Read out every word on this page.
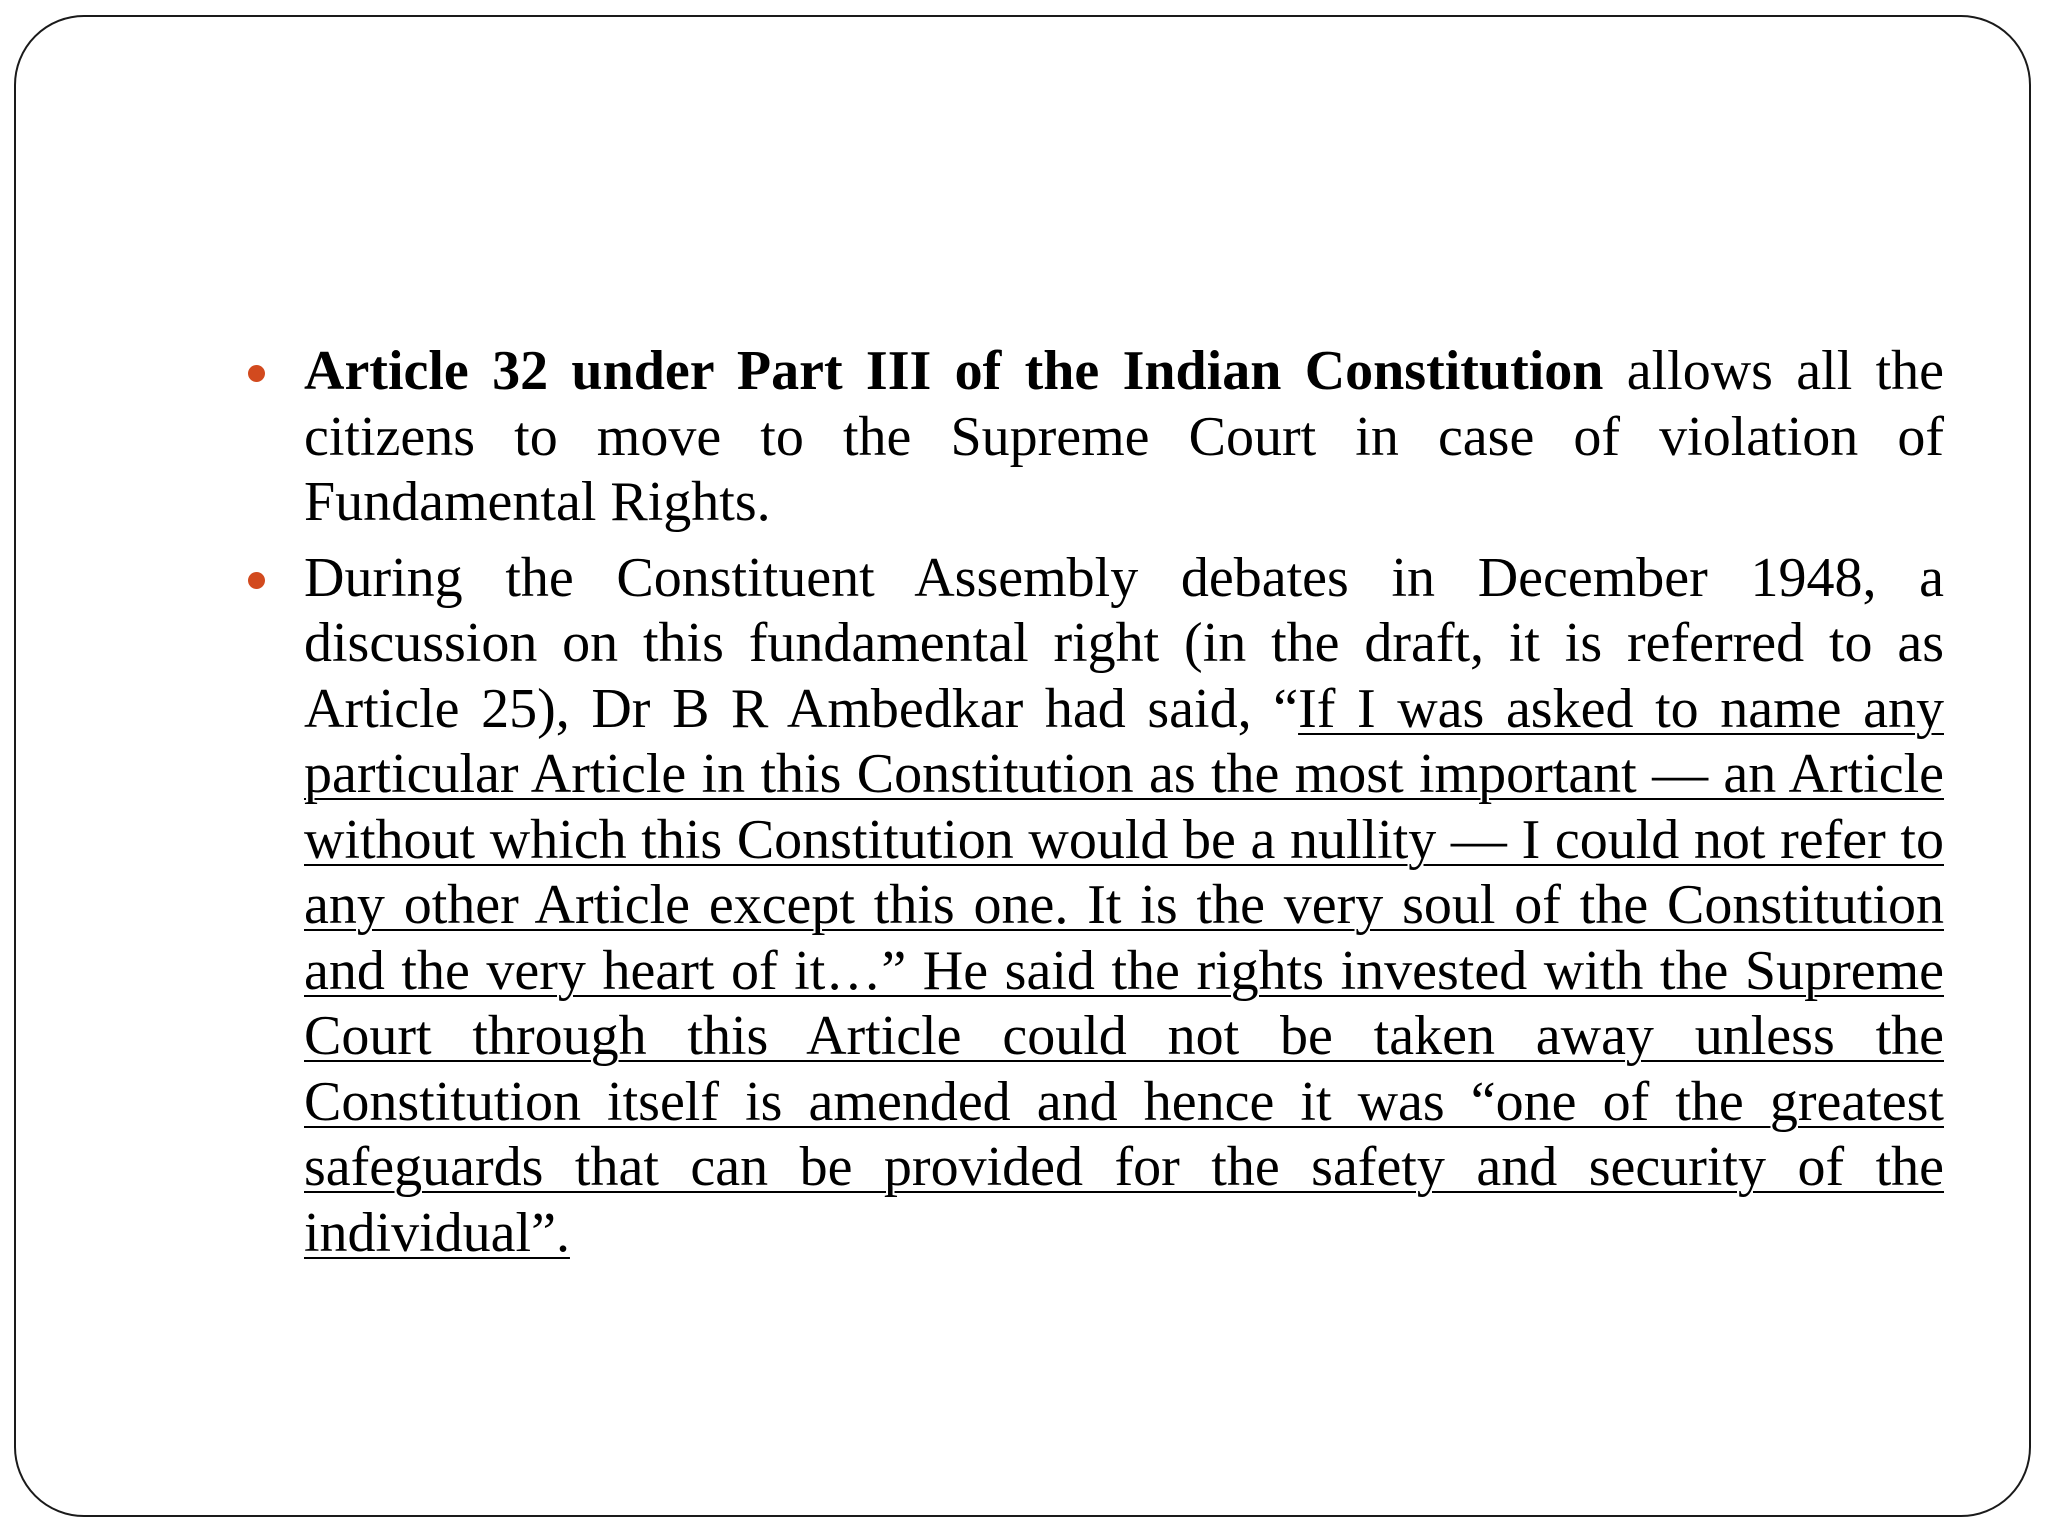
Article 32 under Part III of the Indian Constitution allows all the citizens to move to the Supreme Court in case of violation of Fundamental Rights.
During the Constituent Assembly debates in December 1948, a discussion on this fundamental right (in the draft, it is referred to as Article 25), Dr B R Ambedkar had said, “If I was asked to name any particular Article in this Constitution as the most important — an Article without which this Constitution would be a nullity — I could not refer to any other Article except this one. It is the very soul of the Constitution and the very heart of it…” He said the rights invested with the Supreme Court through this Article could not be taken away unless the Constitution itself is amended and hence it was “one of the greatest safeguards that can be provided for the safety and security of the individual”.
